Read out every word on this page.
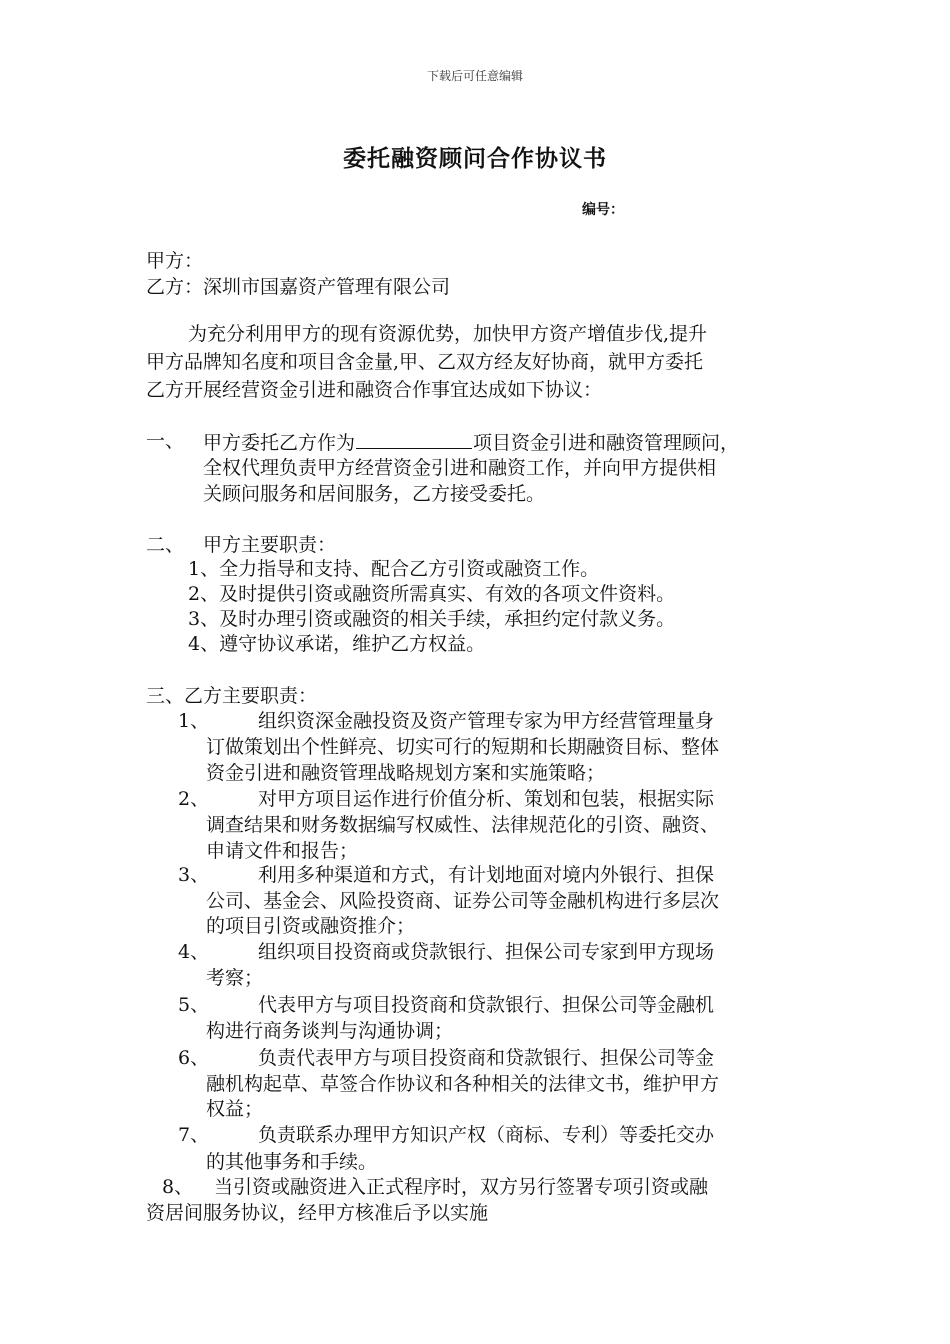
下载后可任意编辑
委托融资顾问合作协议书
编号：
甲方：
乙方：深圳市国嘉资产管理有限公司
为充分利用甲方的现有资源优势，加快甲方资产增值步伐,提升
甲方品牌知名度和项目含金量,甲、乙双方经友好协商，就甲方委托
乙方开展经营资金引进和融资合作事宜达成如下协议：
一、 甲方委托乙方作为	项目资金引进和融资管理顾问，
全权代理负责甲方经营资金引进和融资工作，并向甲方提供相
关顾问服务和居间服务，乙方接受委托。
二、 甲方主要职责：
1、全力指导和支持、配合乙方引资或融资工作。
2、及时提供引资或融资所需真实、有效的各项文件资料。
3、及时办理引资或融资的相关手续，承担约定付款义务。
4、遵守协议承诺，维护乙方权益。
三、乙方主要职责：
1、	组织资深金融投资及资产管理专家为甲方经营管理量身
订做策划出个性鲜亮、切实可行的短期和长期融资目标、整体
资金引进和融资管理战略规划方案和实施策略；
2、	对甲方项目运作进行价值分析、策划和包装，根据实际
调查结果和财务数据编写权威性、法律规范化的引资、融资、
申请文件和报告；
3、	利用多种渠道和方式，有计划地面对境内外银行、担保
公司、基金会、风险投资商、证券公司等金融机构进行多层次
的项目引资或融资推介；
4、	组织项目投资商或贷款银行、担保公司专家到甲方现场
考察；
5、	代表甲方与项目投资商和贷款银行、担保公司等金融机
构进行商务谈判与沟通协调；
6、	负责代表甲方与项目投资商和贷款银行、担保公司等金
融机构起草、草签合作协议和各种相关的法律文书，维护甲方
权益；
7、	负责联系办理甲方知识产权（商标、专利）等委托交办
的其他事务和手续。
8、 当引资或融资进入正式程序时，双方另行签署专项引资或融
资居间服务协议，经甲方核准后予以实施
